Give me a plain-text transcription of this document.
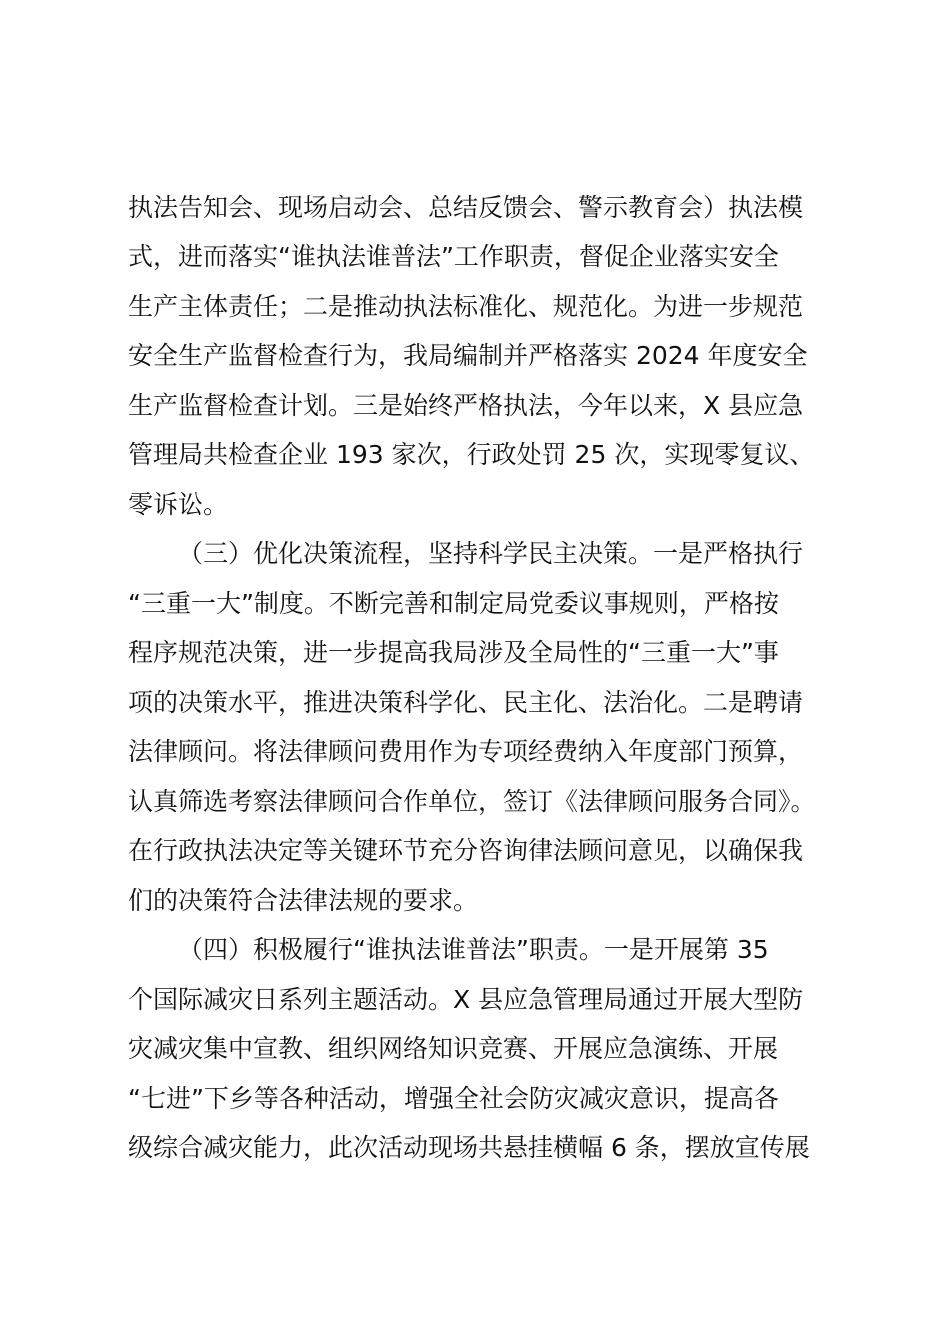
执法告知会、现场启动会、总结反馈会、警示教育会）执法模
式，进而落实“谁执法谁普法”工作职责，督促企业落实安全
生产主体责任；二是推动执法标准化、规范化。为进一步规范
安全生产监督检查行为，我局编制并严格落实 2024 年度安全
生产监督检查计划。三是始终严格执法，今年以来，X 县应急
管理局共检查企业 193 家次，行政处罚 25 次，实现零复议、
零诉讼。
（三）优化决策流程，坚持科学民主决策。一是严格执行
“三重一大”制度。不断完善和制定局党委议事规则，严格按
程序规范决策，进一步提高我局涉及全局性的“三重一大”事
项的决策水平，推进决策科学化、民主化、法治化。二是聘请
法律顾问。将法律顾问费用作为专项经费纳入年度部门预算，
认真筛选考察法律顾问合作单位，签订《法律顾问服务合同》。
在行政执法决定等关键环节充分咨询律法顾问意见，以确保我
们的决策符合法律法规的要求。
（四）积极履行“谁执法谁普法”职责。一是开展第 35
个国际减灾日系列主题活动。X 县应急管理局通过开展大型防
灾减灾集中宣教、组织网络知识竞赛、开展应急演练、开展
“七进”下乡等各种活动，增强全社会防灾减灾意识，提高各
级综合减灾能力，此次活动现场共悬挂横幅 6 条，摆放宣传展
